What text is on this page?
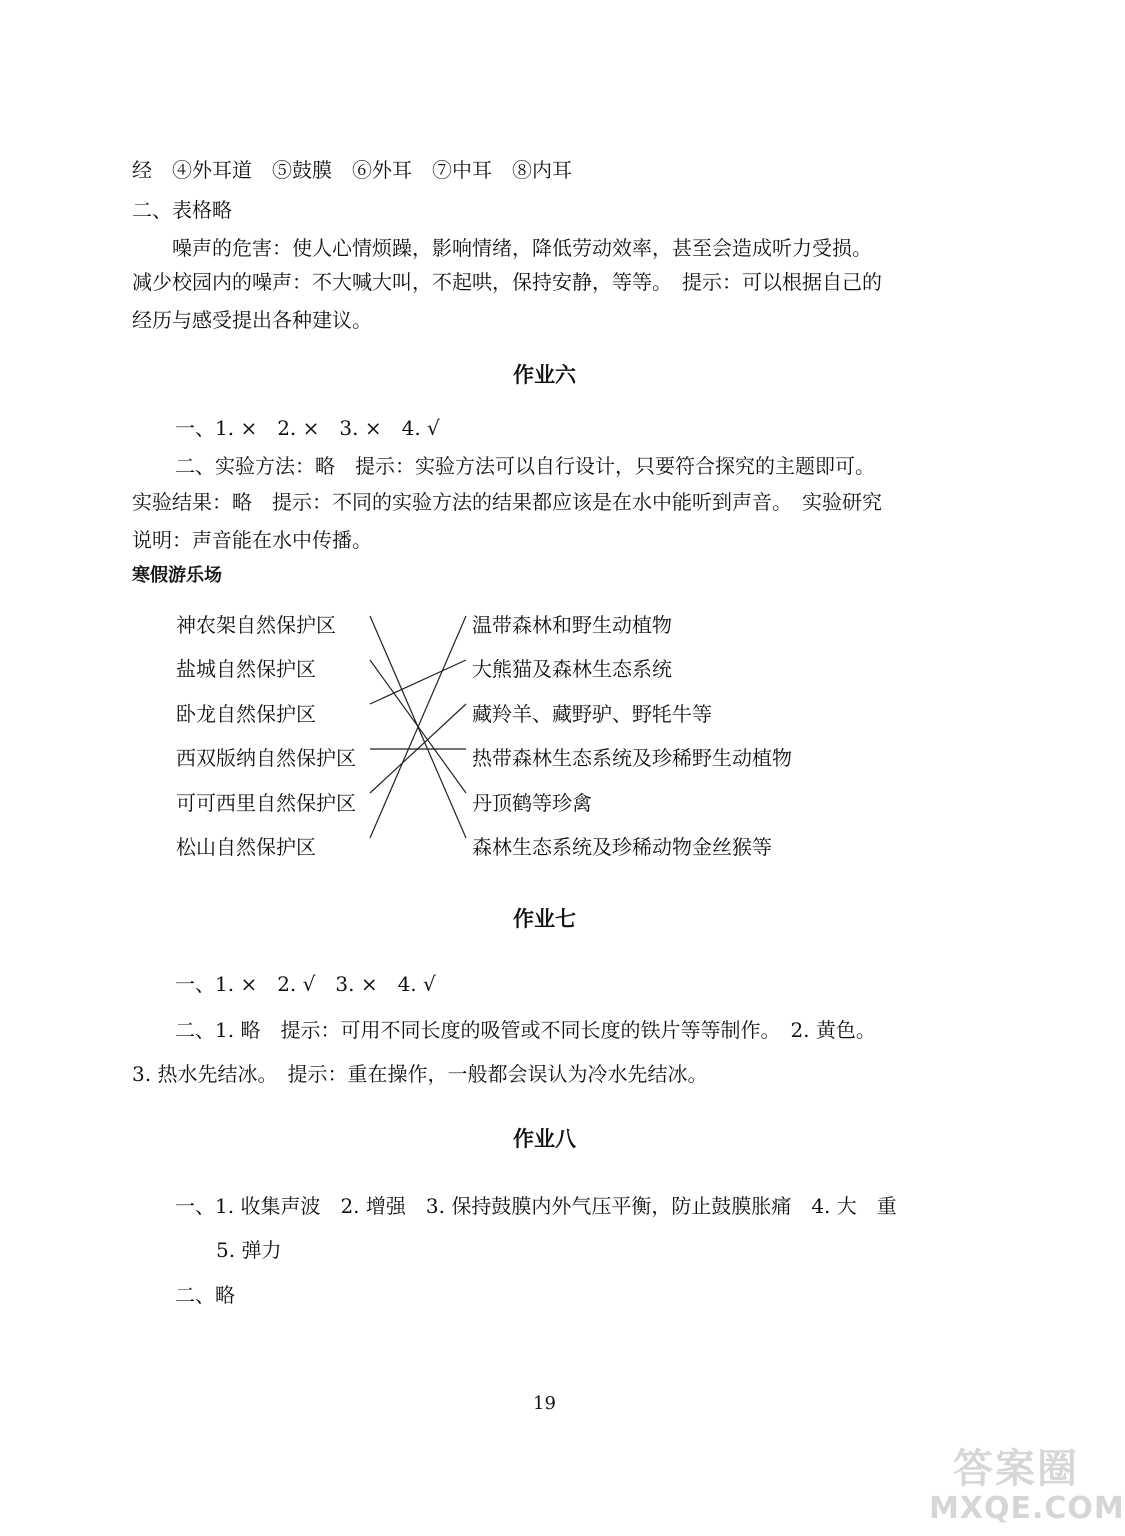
经　④外耳道　⑤鼓膜　⑥外耳　⑦中耳　⑧内耳
二、表格略
噪声的危害：使人心情烦躁，影响情绪，降低劳动效率，甚至会造成听力受损。
减少校园内的噪声：不大喊大叫，不起哄，保持安静，等等。　提示：可以根据自己的
经历与感受提出各种建议。
作业六
一、1. ×　2. ×　3. ×　4. √
二、实验方法：略　提示：实验方法可以自行设计，只要符合探究的主题即可。
实验结果：略　提示：不同的实验方法的结果都应该是在水中能听到声音。　实验研究
说明：声音能在水中传播。
寒假游乐场
神农架自然保护区
盐城自然保护区
卧龙自然保护区
西双版纳自然保护区
可可西里自然保护区
松山自然保护区
温带森林和野生动植物
大熊猫及森林生态系统
藏羚羊、藏野驴、野牦牛等
热带森林生态系统及珍稀野生动植物
丹顶鹤等珍禽
森林生态系统及珍稀动物金丝猴等
作业七
一、1. ×　2. √　3. ×　4. √
二、1. 略　提示：可用不同长度的吸管或不同长度的铁片等等制作。　2. 黄色。
3. 热水先结冰。　提示：重在操作，一般都会误认为冷水先结冰。
作业八
一、1. 收集声波　2. 增强　3. 保持鼓膜内外气压平衡，防止鼓膜胀痛　4. 大　重
5. 弹力
二、略
19
答案圈
MXQE.COM
